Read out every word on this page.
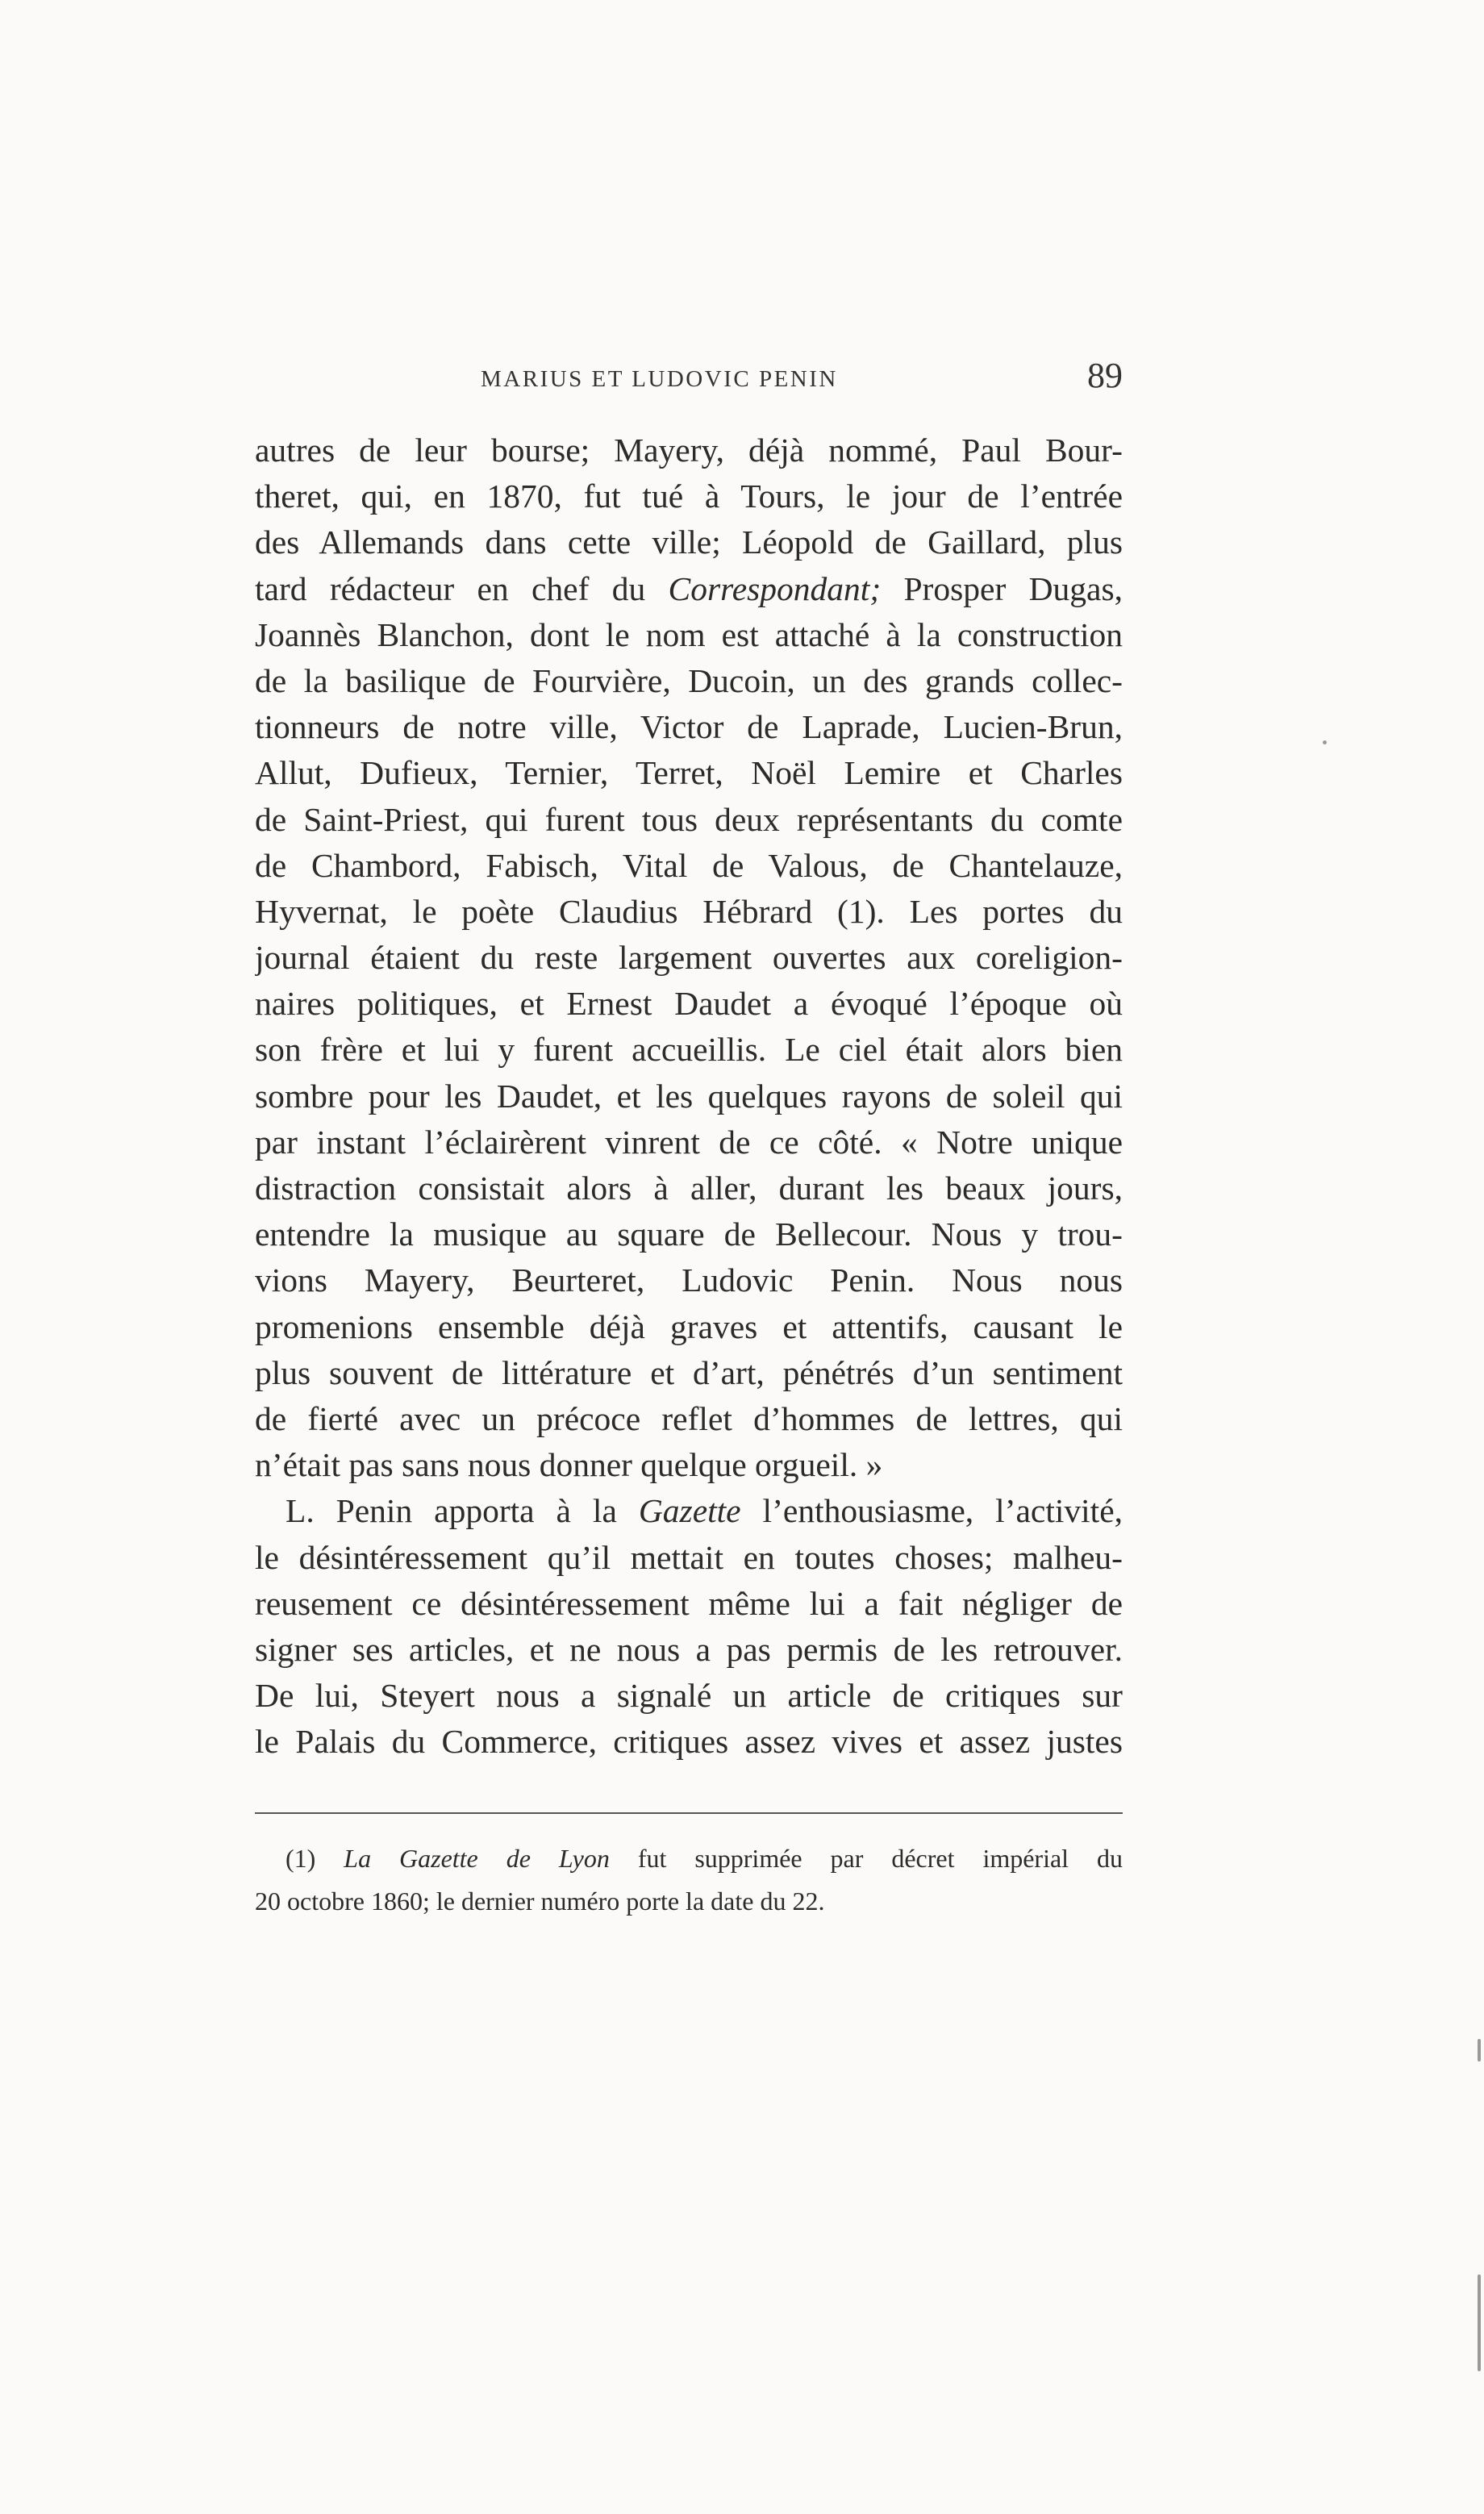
MARIUS ET LUDOVIC PENIN	89
autres de leur bourse; Mayery, déjà nommé, Paul Bour-
theret, qui, en 1870, fut tué à Tours, le jour de l’entrée
des Allemands dans cette ville; Léopold de Gaillard, plus
tard rédacteur en chef du Correspondant; Prosper Dugas,
Joannès Blanchon, dont le nom est attaché à la construction
de la basilique de Fourvière, Ducoin, un des grands collec-
tionneurs de notre ville, Victor de Laprade, Lucien-Brun,
Allut, Dufieux, Ternier, Terret, Noël Lemire et Charles
de Saint-Priest, qui furent tous deux représentants du comte
de Chambord, Fabisch, Vital de Valous, de Chantelauze,
Hyvernat, le poète Claudius Hébrard (1). Les portes du
journal étaient du reste largement ouvertes aux coreligion-
naires politiques, et Ernest Daudet a évoqué l’époque où
son frère et lui y furent accueillis. Le ciel était alors bien
sombre pour les Daudet, et les quelques rayons de soleil qui
par instant l’éclairèrent vinrent de ce côté. « Notre unique
distraction consistait alors à aller, durant les beaux jours,
entendre la musique au square de Bellecour. Nous y trou-
vions Mayery, Beurteret, Ludovic Penin. Nous nous
promenions ensemble déjà graves et attentifs, causant le
plus souvent de littérature et d’art, pénétrés d’un sentiment
de fierté avec un précoce reflet d’hommes de lettres, qui
n’était pas sans nous donner quelque orgueil. »
L. Penin apporta à la Gazette l’enthousiasme, l’activité,
le désintéressement qu’il mettait en toutes choses; malheu-
reusement ce désintéressement même lui a fait négliger de
signer ses articles, et ne nous a pas permis de les retrouver.
De lui, Steyert nous a signalé un article de critiques sur
le Palais du Commerce, critiques assez vives et assez justes
(1) La Gazette de Lyon fut supprimée par décret impérial du
20 octobre 1860; le dernier numéro porte la date du 22.
